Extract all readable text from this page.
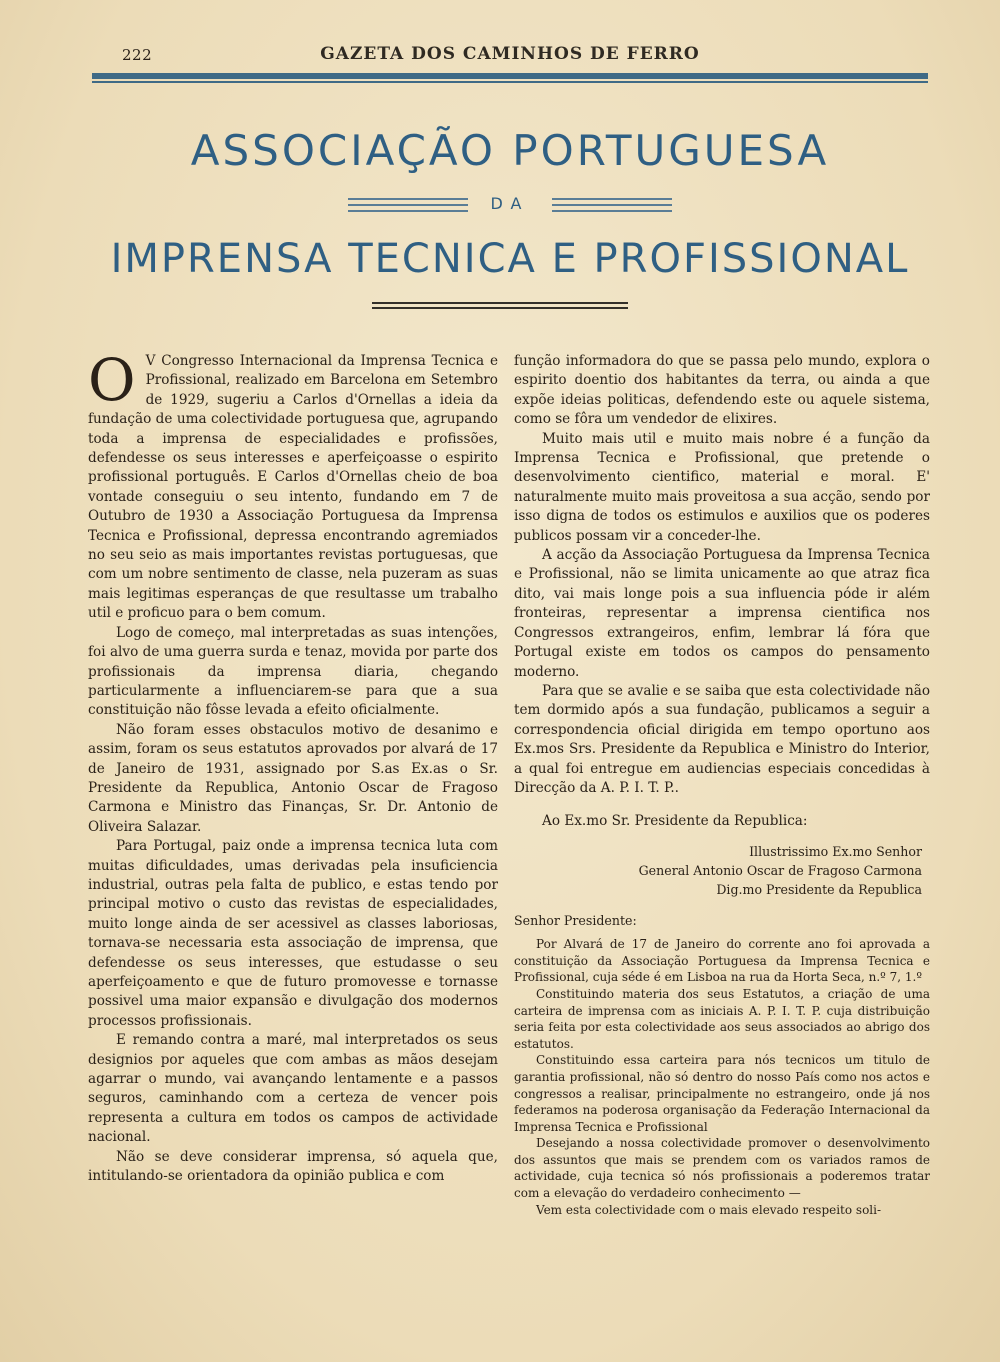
222	GAZETA DOS CAMINHOS DE FERRO
ASSOCIAÇÃO PORTUGUESA
DA
IMPRENSA TECNICA E PROFISSIONAL

O V Congresso Internacional da Imprensa Tecnica e Profissional, realizado em Barcelona em Setembro de 1929, sugeriu a Carlos d'Ornellas a ideia da fundação de uma colectividade portuguesa que, agrupando toda a imprensa de especialidades e profissões, defendesse os seus interesses e aperfeiçoasse o espirito profissional português. E Carlos d'Ornellas cheio de boa vontade conseguiu o seu intento, fundando em 7 de Outubro de 1930 a Associação Portuguesa da Imprensa Tecnica e Profissional, depressa encontrando agremiados no seu seio as mais importantes revistas portuguesas, que com um nobre sentimento de classe, nela puzeram as suas mais legitimas esperanças de que resultasse um trabalho util e proficuo para o bem comum.

Logo de começo, mal interpretadas as suas intenções, foi alvo de uma guerra surda e tenaz, movida por parte dos profissionais da imprensa diaria, chegando particularmente a influenciarem-se para que a sua constituição não fôsse levada a efeito oficialmente.

Não foram esses obstaculos motivo de desanimo e assim, foram os seus estatutos aprovados por alvará de 17 de Janeiro de 1931, assignado por S.as Ex.as o Sr. Presidente da Republica, Antonio Oscar de Fragoso Carmona e Ministro das Finanças, Sr. Dr. Antonio de Oliveira Salazar.

Para Portugal, paiz onde a imprensa tecnica luta com muitas dificuldades, umas derivadas pela insuficiencia industrial, outras pela falta de publico, e estas tendo por principal motivo o custo das revistas de especialidades, muito longe ainda de ser acessivel as classes laboriosas, tornava-se necessaria esta associação de imprensa, que defendesse os seus interesses, que estudasse o seu aperfeiçoamento e que de futuro promovesse e tornasse possivel uma maior expansão e divulgação dos modernos processos profissionais.

E remando contra a maré, mal interpretados os seus designios por aqueles que com ambas as mãos desejam agarrar o mundo, vai avançando lentamente e a passos seguros, caminhando com a certeza de vencer pois representa a cultura em todos os campos de actividade nacional.

Não se deve considerar imprensa, só aquela que, intitulando-se orientadora da opinião publica e com

função informadora do que se passa pelo mundo, explora o espirito doentio dos habitantes da terra, ou ainda a que expõe ideias politicas, defendendo este ou aquele sistema, como se fôra um vendedor de elixires.

Muito mais util e muito mais nobre é a função da Imprensa Tecnica e Profissional, que pretende o desenvolvimento cientifico, material e moral. E' naturalmente muito mais proveitosa a sua acção, sendo por isso digna de todos os estimulos e auxilios que os poderes publicos possam vir a conceder-lhe.

A acção da Associação Portuguesa da Imprensa Tecnica e Profissional, não se limita unicamente ao que atraz fica dito, vai mais longe pois a sua influencia póde ir além fronteiras, representar a imprensa cientifica nos Congressos extrangeiros, enfim, lembrar lá fóra que Portugal existe em todos os campos do pensamento moderno.

Para que se avalie e se saiba que esta colectividade não tem dormido após a sua fundação, publicamos a seguir a correspondencia oficial dirigida em tempo oportuno aos Ex.mos Srs. Presidente da Republica e Ministro do Interior, a qual foi entregue em audiencias especiais concedidas à Direcção da A. P. I. T. P..

Ao Ex.mo Sr. Presidente da Republica:
Illustrissimo Ex.mo Senhor
General Antonio Oscar de Fragoso Carmona
Dig.mo Presidente da Republica
Senhor Presidente:

Por Alvará de 17 de Janeiro do corrente ano foi aprovada a constituição da Associação Portuguesa da Imprensa Tecnica e Profissional, cuja séde é em Lisboa na rua da Horta Seca, n.º 7, 1.º

Constituindo materia dos seus Estatutos, a criação de uma carteira de imprensa com as iniciais A. P. I. T. P. cuja distribuição seria feita por esta colectividade aos seus associados ao abrigo dos estatutos.

Constituindo essa carteira para nós tecnicos um titulo de garantia profissional, não só dentro do nosso País como nos actos e congressos a realisar, principalmente no estrangeiro, onde já nos federamos na poderosa organisação da Federação Internacional da Imprensa Tecnica e Profissional

Desejando a nossa colectividade promover o desenvolvimento dos assuntos que mais se prendem com os variados ramos de actividade, cuja tecnica só nós profissionais a poderemos tratar com a elevação do verdadeiro conhecimento —

Vem esta colectividade com o mais elevado respeito soli-
